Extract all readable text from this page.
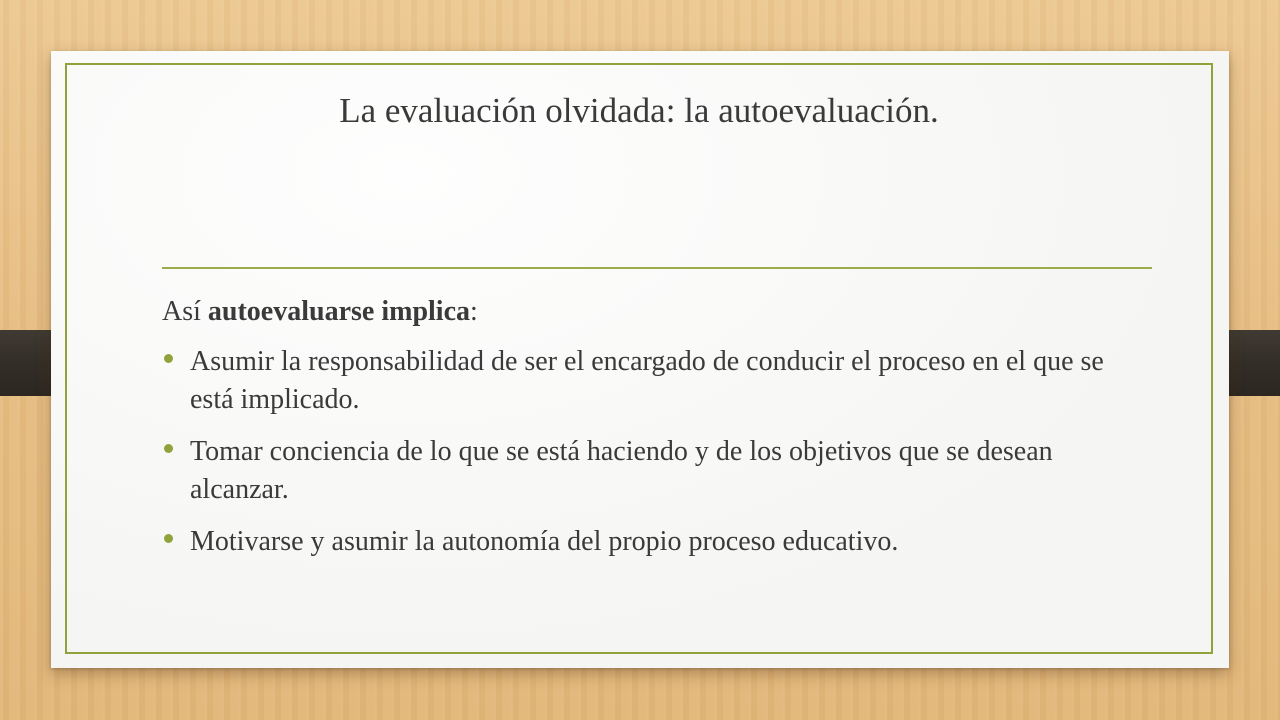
La evaluación olvidada: la autoevaluación.

Así autoevaluarse implica:

Asumir la responsabilidad de ser el encargado de conducir el proceso en el que se está implicado.
Tomar conciencia de lo que se está haciendo y de los objetivos que se desean alcanzar.
Motivarse y asumir la autonomía del propio proceso educativo.
